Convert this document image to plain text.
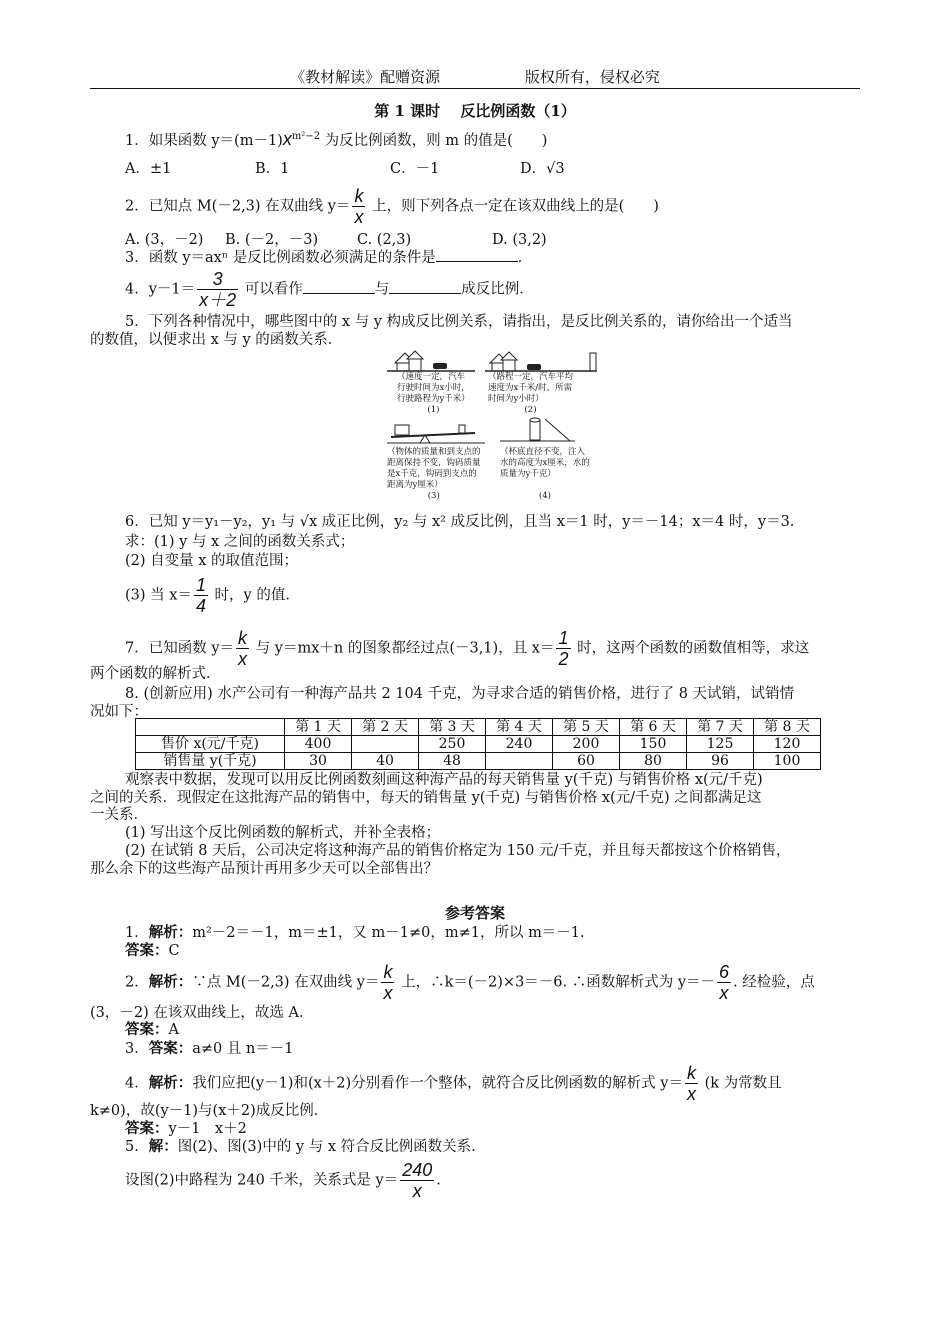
《教材解读》配赠资源	版权所有，侵权必究
第 1 课时　 反比例函数（1）
1．如果函数 $y=(m-1)x^{m^2-2}$ 为反比例函数，则 m 的值是(　　)
A．±1	B．1	C．－1	D．√3
2．已知点 M(－2,3) 在双曲线 $y= \frac{k}{x}$ 上，则下列各点一定在该双曲线上的是(　　)
A. (3，－2) B. (－2，－3)	C. (2,3)	D. (3,2)
3．函数 y＝axⁿ 是反比例函数必须满足的条件是	．
4．$y-1= \frac{3}{x+2}$ 可以看作	与	成反比例．
5．下列各种情况中，哪些图中的 x 与 y 构成反比例关系，请指出，是反比例关系的，请你给出一个适当
的数值，以便求出 x 与 y 的函数关系．
（速度一定，汽车
行驶时间为x小时，
行驶路程为y千米）
(1)
（路程一定，汽车平均
速度为x千米/时，所需
时间为y小时）
(2)
（物体的质量和到支点的
距离保持不变，钩码质量
是x千克，钩码到支点的
距离为y厘米）
(3)
（杯底直径不变，注入
水的高度为x厘米，水的
质量为y千克）
(4)
6．已知 y＝y₁－y₂，y₁ 与 √x 成正比例，y₂ 与 x² 成反比例，且当 x＝1 时，y＝－14；x＝4 时，y＝3.
求：(1) y 与 x 之间的函数关系式；
(2) 自变量 x 的取值范围；
(3) 当 $x= \frac{1}{4}$ 时，y 的值．
7．已知函数 $y= \frac{k}{x}$ 与 y＝mx＋n 的图象都经过点(－3,1)，且 $x= \frac{1}{2}$ 时，这两个函数的函数值相等，求这
两个函数的解析式．
8. (创新应用) 水产公司有一种海产品共 2 104 千克，为寻求合适的销售价格，进行了 8 天试销，试销情
况如下：
	第 1 天	第 2 天	第 3 天	第 4 天	第 5 天	第 6 天	第 7 天	第 8 天
售价 x(元/千克)	400		250	240	200	150	125	120
销售量 y(千克)	30	40	48		60	80	96	100
观察表中数据，发现可以用反比例函数刻画这种海产品的每天销售量 y(千克) 与销售价格 x(元/千克)
之间的关系．现假定在这批海产品的销售中，每天的销售量 y(千克) 与销售价格 x(元/千克) 之间都满足这
一关系．
(1) 写出这个反比例函数的解析式，并补全表格；
(2) 在试销 8 天后，公司决定将这种海产品的销售价格定为 150 元/千克，并且每天都按这个价格销售，
那么余下的这些海产品预计再用多少天可以全部售出？
参考答案
1．解析：m²－2＝－1，m＝±1，又 m－1≠0，m≠1，所以 m＝－1.
答案：C
2．解析：∵点 M(－2,3) 在双曲线 $y= \frac{k}{x}$ 上，∴k＝(－2)×3＝－6. ∴函数解析式为 $y=- \frac{6}{x}$ . 经检验，点
(3，－2) 在该双曲线上，故选 A．
答案：A
3．答案：a≠0 且 n＝－1
4．解析：我们应把(y－1)和(x＋2)分别看作一个整体，就符合反比例函数的解析式 $y= \frac{k}{x} (k$ 为常数且
k≠0)，故(y－1)与(x＋2)成反比例．
答案：y－1　x＋2
5．解：图(2)、图(3)中的 y 与 x 符合反比例函数关系．
设图(2)中路程为 240 千米，关系式是 $y= \frac{240}{x}$ .
